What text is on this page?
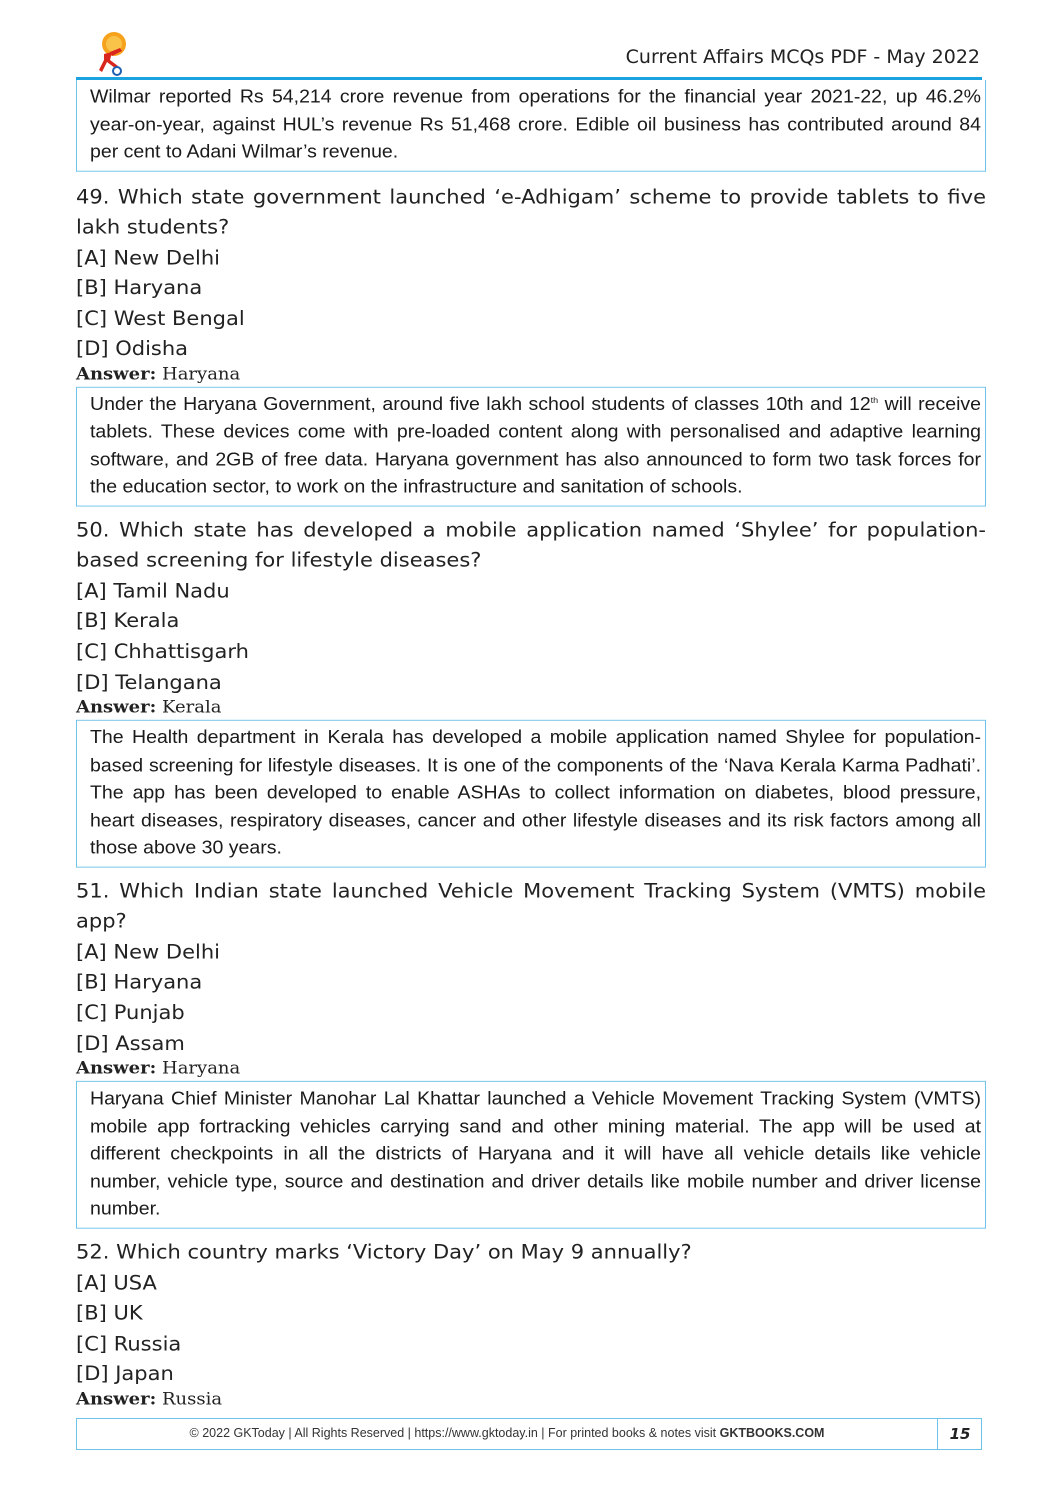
Current Affairs MCQs PDF - May 2022

Wilmar reported Rs 54,214 crore revenue from operations for the financial year 2021-22, up 46.2% year-on-year, against HUL’s revenue Rs 51,468 crore. Edible oil business has contributed around 84 per cent to Adani Wilmar’s revenue.

49. Which state government launched ‘e-Adhigam’ scheme to provide tablets to five lakh students?
[A] New Delhi
[B] Haryana
[C] West Bengal
[D] Odisha
Answer: Haryana

Under the Haryana Government, around five lakh school students of classes 10th and 12th will receive tablets. These devices come with pre-loaded content along with personalised and adaptive learning software, and 2GB of free data. Haryana government has also announced to form two task forces for the education sector, to work on the infrastructure and sanitation of schools.

50. Which state has developed a mobile application named ‘Shylee’ for population-based screening for lifestyle diseases?
[A] Tamil Nadu
[B] Kerala
[C] Chhattisgarh
[D] Telangana
Answer: Kerala

The Health department in Kerala has developed a mobile application named Shylee for population-based screening for lifestyle diseases. It is one of the components of the ‘Nava Kerala Karma Padhati’. The app has been developed to enable ASHAs to collect information on diabetes, blood pressure, heart diseases, respiratory diseases, cancer and other lifestyle diseases and its risk factors among all those above 30 years.

51. Which Indian state launched Vehicle Movement Tracking System (VMTS) mobile app?
[A] New Delhi
[B] Haryana
[C] Punjab
[D] Assam
Answer: Haryana

Haryana Chief Minister Manohar Lal Khattar launched a Vehicle Movement Tracking System (VMTS) mobile app fortracking vehicles carrying sand and other mining material. The app will be used at different checkpoints in all the districts of Haryana and it will have all vehicle details like vehicle number, vehicle type, source and destination and driver details like mobile number and driver license number.

52. Which country marks ‘Victory Day’ on May 9 annually?
[A] USA
[B] UK
[C] Russia
[D] Japan
Answer: Russia
© 2022 GKToday | All Rights Reserved | https://www.gktoday.in | For printed books & notes visit GKTBOOKS.COM	15
